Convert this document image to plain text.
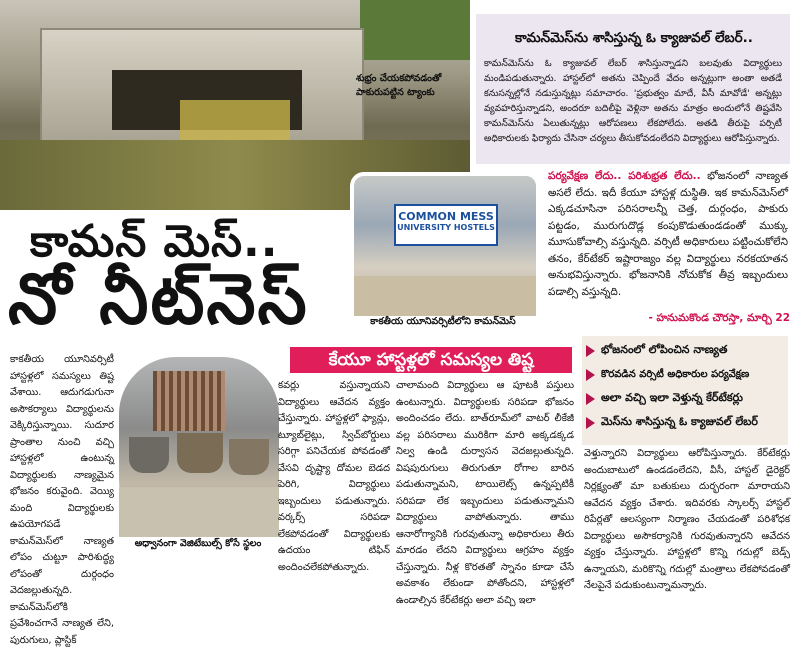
శుభ్రం చేయకపోవడంతో
పాకురుపట్టిన ట్యాంకు
కామన్‌మెస్‌ను శాసిస్తున్న ఓ క్యాజువల్ లేబర్..
కామన్‌మెస్‌ను ఓ క్యాజువల్ లేబర్ శాసిస్తున్నాడని బలవుతు విద్యార్థులు మండిపడుతున్నారు. హాస్టల్‌లో అతను చెప్పిందే వేదం అన్నట్లుగా అంతా అతడే కనుసన్నల్లోనే నడుస్తున్నట్లు సమాచారం. 'ప్రభుత్వం మాదే, వీసీ మావోడే' అన్నట్లు వ్యవహరిస్తున్నాడని, అందరూ బదిలీపై వెళ్లినా అతను మాత్రం అందులోనే తిష్టవేసి కామన్‌మెస్‌ను ఏలుతున్నట్లు ఆరోపణలు లేకపోలేదు. అతడి తీరుపై పర్సిటీ అధికారులకు ఫిర్యాదు చేసినా చర్యలు తీసుకోవడంలేదని విద్యార్థులు ఆరోపిస్తున్నారు.
కామన్ మెస్..
నో నీట్‌నెస్
COMMON MESS
UNIVERSITY HOSTELS
కాకతీయ యూనివర్సిటీలోని కామన్‌మెస్
పర్యవేక్షణ లేదు.. పరిశుభ్రత లేదు.. భోజనంలో నాణ్యత అసలే లేదు. ఇదీ కేయూ హాస్టళ్ల దుస్థితి. ఇక కామన్‌మెస్‌లో ఎక్కడచూసినా పరిసరాలన్నీ చెత్త, దుర్గంధం, పాకురు పట్టడం, మురుగుదొడ్ల కంపుకొడుతుండడంతో ముక్కు మూసుకోవాల్సి వస్తున్నది. వర్సిటీ అధికారులు పట్టించుకోలేని తనం, కేర్‌టేకర్ ఇష్టారాజ్యం వల్ల విద్యార్థులు నరకయాతన అనుభవిస్తున్నారు. భోజనానికి నోచుకోక తీవ్ర ఇబ్బందులు పడాల్సి వస్తున్నది.
- హనుమకొండ చౌరస్తా, మార్చి 22
కేయూ హాస్టళ్లలో సమస్యల తిష్ట
భోజనంలో లోపించిన నాణ్యత
కొరవడిన వర్సిటీ అధికారుల పర్యవేక్షణ
అలా వచ్చి ఇలా వెళ్తున్న కేర్‌టేకర్లు
మెస్‌ను శాసిస్తున్న ఓ క్యాజువల్ లేబర్
కాకతీయ యూనివర్సిటీ హాస్టళ్లలో సమస్యలు తిష్ట వేశాయి. ఆదుగడుగునా అసౌకర్యాలు విద్యార్థులను వెక్కిరిస్తున్నాయి. సుదూర ప్రాంతాల నుంచి వచ్చి హాస్టళ్లలో ఉంటున్న విద్యార్థులకు నాణ్యమైన భోజనం కరువైంది. వెయ్యి మంది విద్యార్థులకు ఉపయోగపడే కామన్‌మెస్‌లో నాణ్యత లోపం చుట్టూ పారిశుద్ధ్య లోపంతో దుర్గంధం వెదజల్లుతున్నది. కామన్‌మెస్‌లోకి ప్రవేశించగానే నాణ్యత లేని, పురుగులు, ప్లాస్టిక్
అధ్వానంగా వెజిటేబుల్స్ కోసే స్థలం
కవర్లు వస్తున్నాయని విద్యార్థులు ఆవేదన వ్యక్తం చేస్తున్నారు. హాస్టళ్లలో ఫ్యాన్లు, ట్యూబ్‌లైట్లు, స్విచ్‌బోర్డులు సరిగ్గా పనిచేయక పోవడంతో వేసవి దృష్ట్యా దోమల బెడద పెరిగి, విద్యార్థులు ఇబ్బందులు పడుతున్నారు. వర్కర్స్ సరిపడా లేకపోవడంతో విద్యార్థులకు ఉదయం టిఫిన్ అందించలేకపోతున్నారు.
చాలామంది విద్యార్థులు ఆ పూటకి పస్తులు ఉంటున్నారు. విద్యార్థులకు సరిపడా భోజనం అందించడం లేదు. బాత్‌రూమ్‌లో వాటర్ లీకేజీ వల్ల పరిసరాలు మురికిగా మారి అక్కడక్కడ నిల్వ ఉండి దుర్వాసన వెదజల్లుతున్నది. విషపురుగులు తిరుగుతూ రోగాల బారిన పడుతున్నామని, టాయిలెట్స్ ఉన్నప్పటికీ సరిపడా లేక ఇబ్బందులు పడుతున్నామని విద్యార్థులు వాపోతున్నారు. తాము ఆనారోగ్యానికి గురవుతున్నా అధికారులు తీరు మారడం లేదని విద్యార్థులు ఆగ్రహం వ్యక్తం చేస్తున్నారు. నీళ్ల కొరతతో స్నానం కూడా చేసే అవకాశం లేకుండా పోతోందని, హాస్టళ్లలో ఉండాల్సిన కేర్‌టేకర్లు అలా వచ్చి ఇలా
వెళ్తున్నారని విద్యార్థులు ఆరోపిస్తున్నారు. కేర్‌టేకర్లు అందుబాటులో ఉండడంలేదని, వీసీ, హాస్టల్ డైరెక్టర్ నిర్లక్ష్యంతో మా బతుకులు దుర్భరంగా మారాయని ఆవేదన వ్యక్తం చేశారు. ఇదివరకు స్కాలర్స్ హాస్టల్ రిపేర్లతో ఆలస్యంగా నిర్మాణం చేయడంతో పరిశోధక విద్యార్థులు అసౌకర్యానికి గురవుతున్నారని ఆవేదన వ్యక్తం చేస్తున్నారు. హాస్టళ్లలో కొన్ని గదుల్లో బెడ్స్ ఉన్నాయని, మరికొన్ని గదుల్లో మంత్రాలు లేకపోవడంతో నేలపైనే పడుకుంటున్నామన్నారు.
